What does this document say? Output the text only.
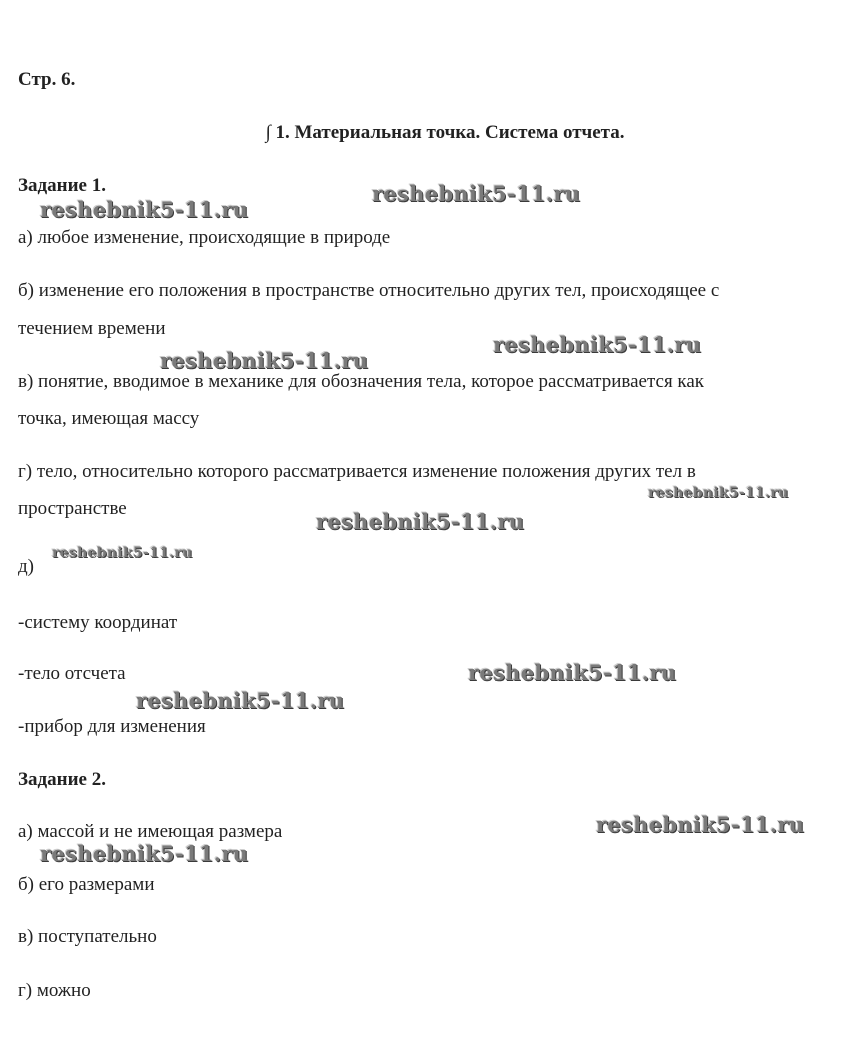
Стр. 6.
∫ 1. Материальная точка. Система отчета.
Задание 1.
а) любое изменение, происходящие в природе
б) изменение его положения в пространстве относительно других тел, происходящее с
течением времени
в) понятие, вводимое в механике для обозначения тела, которое рассматривается как
точка, имеющая массу
г) тело, относительно которого рассматривается изменение положения других тел в
пространстве
д)
-систему координат
-тело отсчета
-прибор для изменения
Задание 2.
а) массой и не имеющая размера
б) его размерами
в) поступательно
г) можно
reshebnik5-11.ru
reshebnik5-11.ru
reshebnik5-11.ru
reshebnik5-11.ru
reshebnik5-11.ru
reshebnik5-11.ru
reshebnik5-11.ru
reshebnik5-11.ru
reshebnik5-11.ru
reshebnik5-11.ru
reshebnik5-11.ru
